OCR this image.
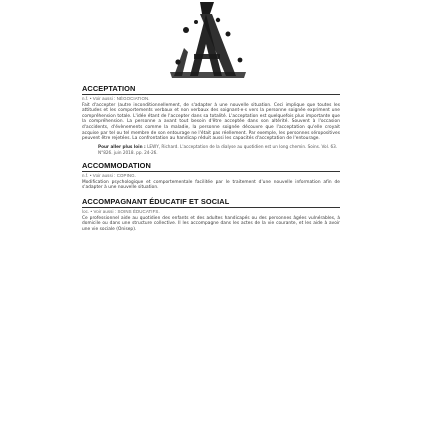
ACCEPTATION

n.f. • Voir aussi : NÉGOCIATION.

Fait d'accepter (autre inconditionnellement, de s'adapter à une nouvelle situation. Ceci implique que toutes les attitudes et les comportements verbaux et non verbaux des soignant·e·s vers la personne soignée expriment une compréhension totale. L'idée étant de l'accepter dans sa totalité. L'acceptation est quelquefois plus importante que la compréhension. La personne a avant tout besoin d'être acceptée dans son altérité. Souvent à l'occasion d'accidents, d'évènements comme la maladie, la personne soignée découvre que l'acceptation qu'elle croyait acquise par tel ou tel membre de son entourage ne l'était pas réellement. Par exemple, les personnes séropositives peuvent être rejetées. La confrontation au handicap réduit aussi les capacités d'acceptation de l'entourage.

Pour aller plus loin : LEWY, Richard. L'acceptation de la dialyse au quotidien est un long chemin. Soins. Vol. 63. N°826. juin 2018. pp. 24-26.

ACCOMMODATION

n.f. • Voir aussi : COPING.

Modification psychologique et comportementale facilitée par le traitement d'une nouvelle information afin de s'adapter à une nouvelle situation.

ACCOMPAGNANT ÉDUCATIF ET SOCIAL

loc. • Voir aussi : SOINS ÉDUCATIFS.

Ce professionnel aide au quotidien des enfants et des adultes handicapés ou des personnes âgées vulnérables, à domicile ou dans une structure collective. Il les accompagne dans les actes de la vie courante, et les aide à avoir une vie sociale (Onisep).
